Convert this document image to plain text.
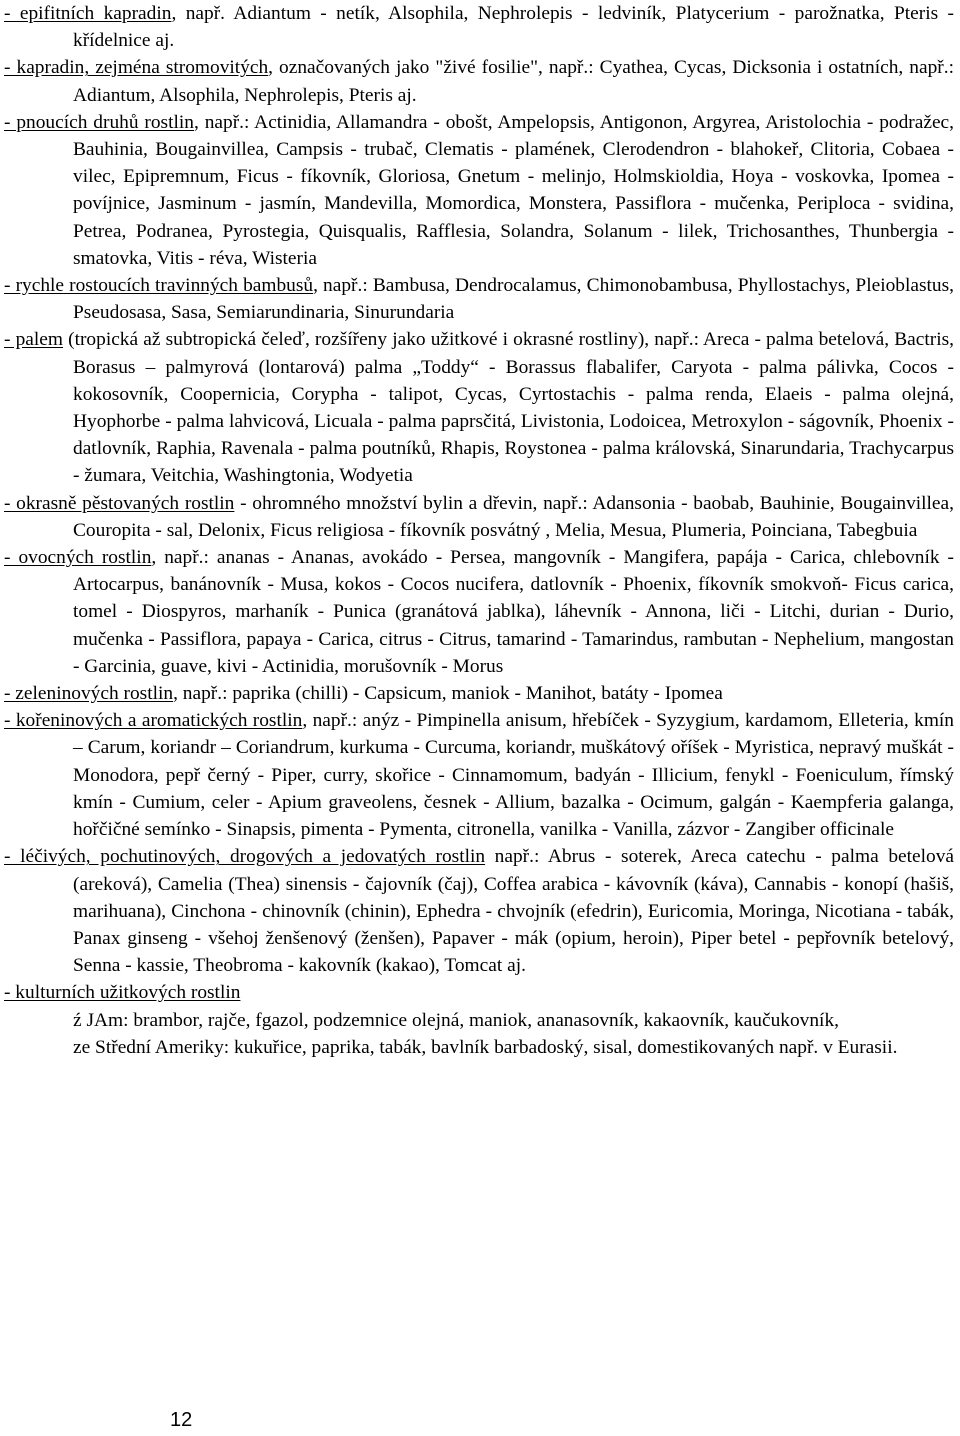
- epifitních kapradin, např. Adiantum - netík, Alsophila, Nephrolepis - ledviník, Platycerium - parožnatka, Pteris - křídelnice aj.

- kapradin, zejména stromovitých, označovaných jako "živé fosilie", např.: Cyathea, Cycas, Dicksonia i ostatních, např.: Adiantum, Alsophila, Nephrolepis, Pteris aj.

- pnoucích druhů rostlin, např.: Actinidia, Allamandra - obošt, Ampelopsis, Antigonon, Argyrea, Aristolochia - podražec, Bauhinia, Bougainvillea, Campsis - trubač, Clematis - plamének, Clerodendron - blahokeř, Clitoria, Cobaea - vilec, Epipremnum, Ficus - fíkovník, Gloriosa, Gnetum - melinjo, Holmskioldia, Hoya - voskovka, Ipomea - povíjnice, Jasminum - jasmín, Mandevilla, Momordica, Monstera, Passiflora - mučenka, Periploca - svidina, Petrea, Podranea, Pyrostegia, Quisqualis, Rafflesia, Solandra, Solanum - lilek, Trichosanthes, Thunbergia - smatovka, Vitis - réva, Wisteria

- rychle rostoucích travinných bambusů, např.: Bambusa, Dendrocalamus, Chimonobambusa, Phyllostachys, Pleioblastus, Pseudosasa, Sasa, Semiarundinaria, Sinurundaria

- palem (tropická až subtropická čeleď, rozšířeny jako užitkové i okrasné rostliny), např.: Areca - palma betelová, Bactris, Borasus – palmyrová (lontarová) palma „Toddy“ - Borassus flabalifer, Caryota - palma pálivka, Cocos - kokosovník, Coopernicia, Corypha - talipot, Cycas, Cyrtostachis - palma renda, Elaeis - palma olejná, Hyophorbe - palma lahvicová, Licuala - palma paprsčitá, Livistonia, Lodoicea, Metroxylon - ságovník, Phoenix - datlovník, Raphia, Ravenala - palma poutníků, Rhapis, Roystonea - palma královská, Sinarundaria, Trachycarpus - žumara, Veitchia, Washingtonia, Wodyetia

- okrasně pěstovaných rostlin - ohromného množství bylin a dřevin, např.: Adansonia - baobab, Bauhinie, Bougainvillea, Couropita - sal, Delonix, Ficus religiosa - fíkovník posvátný , Melia, Mesua, Plumeria, Poinciana, Tabegbuia

- ovocných rostlin, např.: ananas - Ananas, avokádo - Persea, mangovník - Mangifera, papája - Carica, chlebovník - Artocarpus, banánovník - Musa, kokos - Cocos nucifera, datlovník - Phoenix, fíkovník smokvoň- Ficus carica, tomel - Diospyros, marhaník - Punica (granátová jablka), láhevník - Annona, liči - Litchi, durian - Durio, mučenka - Passiflora, papaya - Carica, citrus - Citrus, tamarind - Tamarindus, rambutan - Nephelium, mangostan - Garcinia, guave, kivi - Actinidia, morušovník - Morus

- zeleninových rostlin, např.: paprika (chilli) - Capsicum, maniok - Manihot, batáty - Ipomea

- kořeninových a aromatických rostlin, např.: anýz - Pimpinella anisum, hřebíček - Syzygium, kardamom, Elleteria, kmín – Carum, koriandr – Coriandrum, kurkuma - Curcuma, koriandr, muškátový oříšek - Myristica, nepravý muškát - Monodora, pepř černý - Piper, curry, skořice - Cinnamomum, badyán - Illicium, fenykl - Foeniculum, římský kmín - Cumium, celer - Apium graveolens, česnek - Allium, bazalka - Ocimum, galgán - Kaempferia galanga, hořčičné semínko - Sinapsis, pimenta - Pymenta, citronella, vanilka - Vanilla, zázvor - Zangiber officinale

- léčivých, pochutinových, drogových a jedovatých rostlin např.: Abrus - soterek, Areca catechu - palma betelová (areková), Camelia (Thea) sinensis - čajovník (čaj), Coffea arabica - kávovník (káva), Cannabis - konopí (hašiš, marihuana), Cinchona - chinovník (chinin), Ephedra - chvojník (efedrin), Euricomia, Moringa, Nicotiana - tabák, Panax ginseng - všehoj ženšenový (ženšen), Papaver - mák (opium, heroin), Piper betel - pepřovník betelový, Senna - kassie, Theobroma - kakovník (kakao), Tomcat aj.

- kulturních užitkových rostlin

ź JAm: brambor, rajče, fgazol, podzemnice olejná, maniok, ananasovník, kakaovník, kaučukovník,

ze Střední Ameriky: kukuřice, paprika, tabák, bavlník barbadoský, sisal, domestikovaných např. v Eurasii.

12
